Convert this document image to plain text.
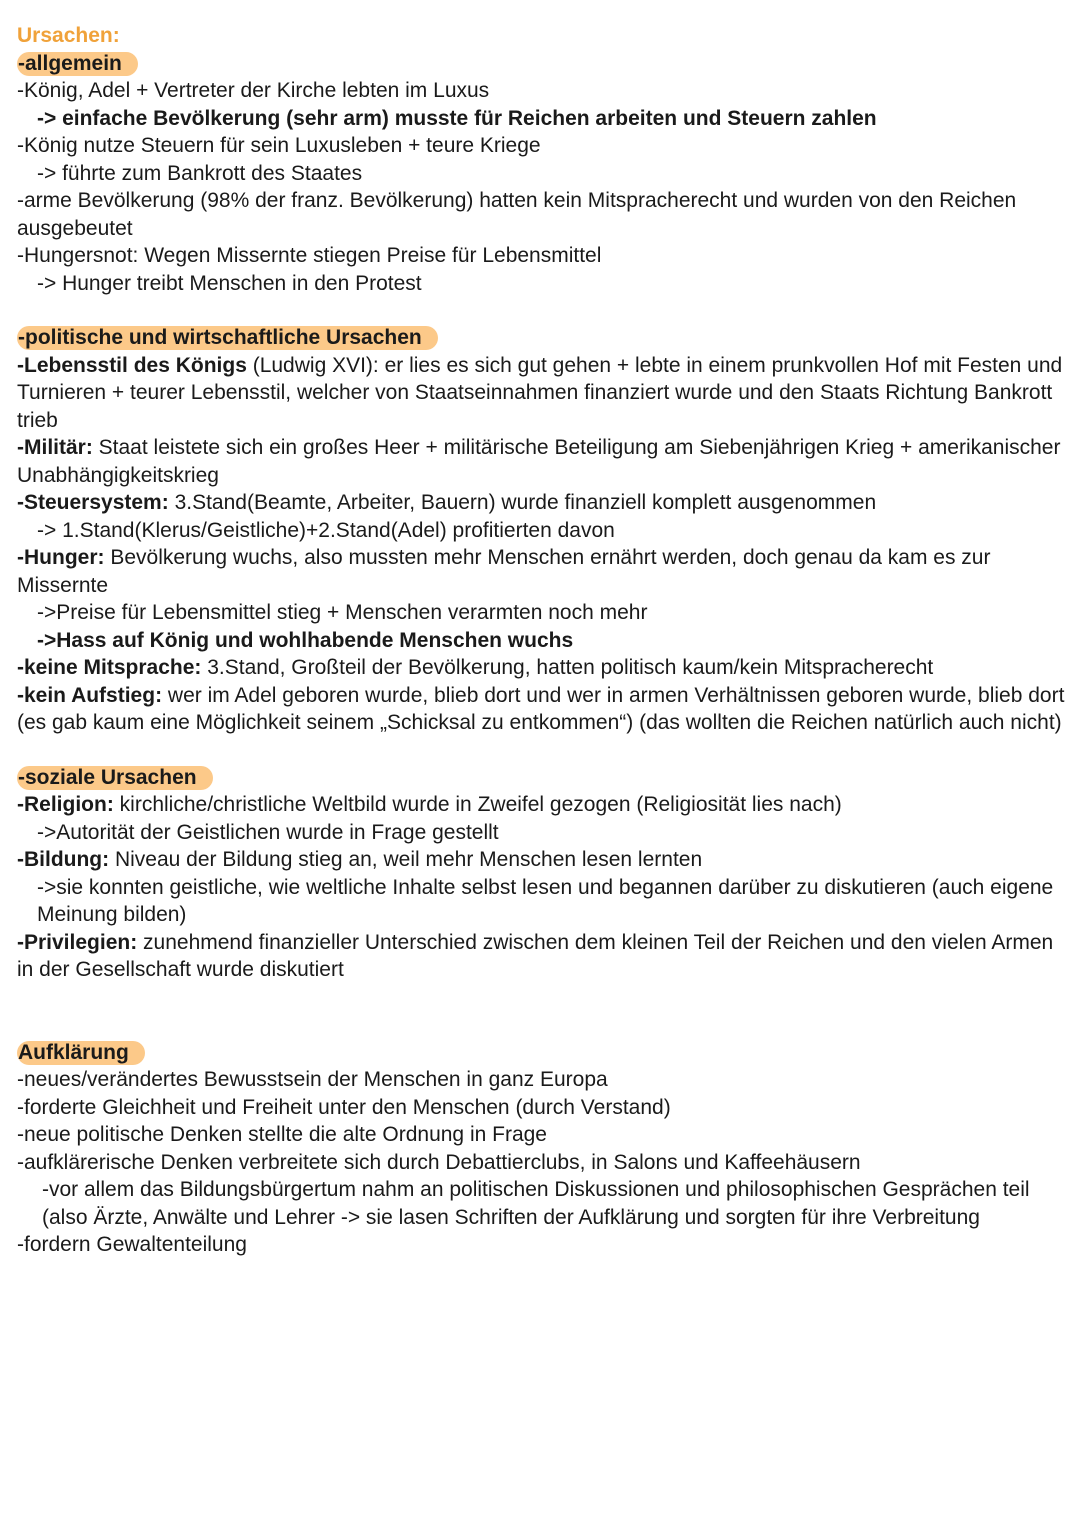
Ursachen:
-allgemein
-König, Adel + Vertreter der Kirche lebten im Luxus
-> einfache Bevölkerung (sehr arm) musste für Reichen arbeiten und Steuern zahlen
-König nutze Steuern für sein Luxusleben + teure Kriege
-> führte zum Bankrott des Staates
-arme Bevölkerung (98% der franz. Bevölkerung) hatten kein Mitspracherecht und wurden von den Reichen ausgebeutet
-Hungersnot: Wegen Missernte stiegen Preise für Lebensmittel
-> Hunger treibt Menschen in den Protest
-politische und wirtschaftliche Ursachen
-Lebensstil des Königs (Ludwig XVI): er lies es sich gut gehen + lebte in einem prunkvollen Hof mit Festen und Turnieren + teurer Lebensstil, welcher von Staatseinnahmen finanziert wurde und den Staats Richtung Bankrott trieb
-Militär: Staat leistete sich ein großes Heer + militärische Beteiligung am Siebenjährigen Krieg + amerikanischer Unabhängigkeitskrieg
-Steuersystem: 3.Stand(Beamte, Arbeiter, Bauern) wurde finanziell komplett ausgenommen
-> 1.Stand(Klerus/Geistliche)+2.Stand(Adel) profitierten davon
-Hunger: Bevölkerung wuchs, also mussten mehr Menschen ernährt werden, doch genau da kam es zur Missernte
->Preise für Lebensmittel stieg + Menschen verarmten noch mehr
->Hass auf König und wohlhabende Menschen wuchs
-keine Mitsprache: 3.Stand, Großteil der Bevölkerung, hatten politisch kaum/kein Mitspracherecht
-kein Aufstieg: wer im Adel geboren wurde, blieb dort und wer in armen Verhältnissen geboren wurde, blieb dort (es gab kaum eine Möglichkeit seinem „Schicksal zu entkommen“) (das wollten die Reichen natürlich auch nicht)
-soziale Ursachen
-Religion: kirchliche/christliche Weltbild wurde in Zweifel gezogen (Religiosität lies nach)
->Autorität der Geistlichen wurde in Frage gestellt
-Bildung: Niveau der Bildung stieg an, weil mehr Menschen lesen lernten
->sie konnten geistliche, wie weltliche Inhalte selbst lesen und begannen darüber zu diskutieren (auch eigene Meinung bilden)
-Privilegien: zunehmend finanzieller Unterschied zwischen dem kleinen Teil der Reichen und den vielen Armen in der Gesellschaft wurde diskutiert
Aufklärung
-neues/verändertes Bewusstsein der Menschen in ganz Europa
-forderte Gleichheit und Freiheit unter den Menschen (durch Verstand)
-neue politische Denken stellte die alte Ordnung in Frage
-aufklärerische Denken verbreitete sich durch Debattierclubs, in Salons und Kaffeehäusern
-vor allem das Bildungsbürgertum nahm an politischen Diskussionen und philosophischen Gesprächen teil (also Ärzte, Anwälte und Lehrer -> sie lasen Schriften der Aufklärung und sorgten für ihre Verbreitung
-fordern Gewaltenteilung
